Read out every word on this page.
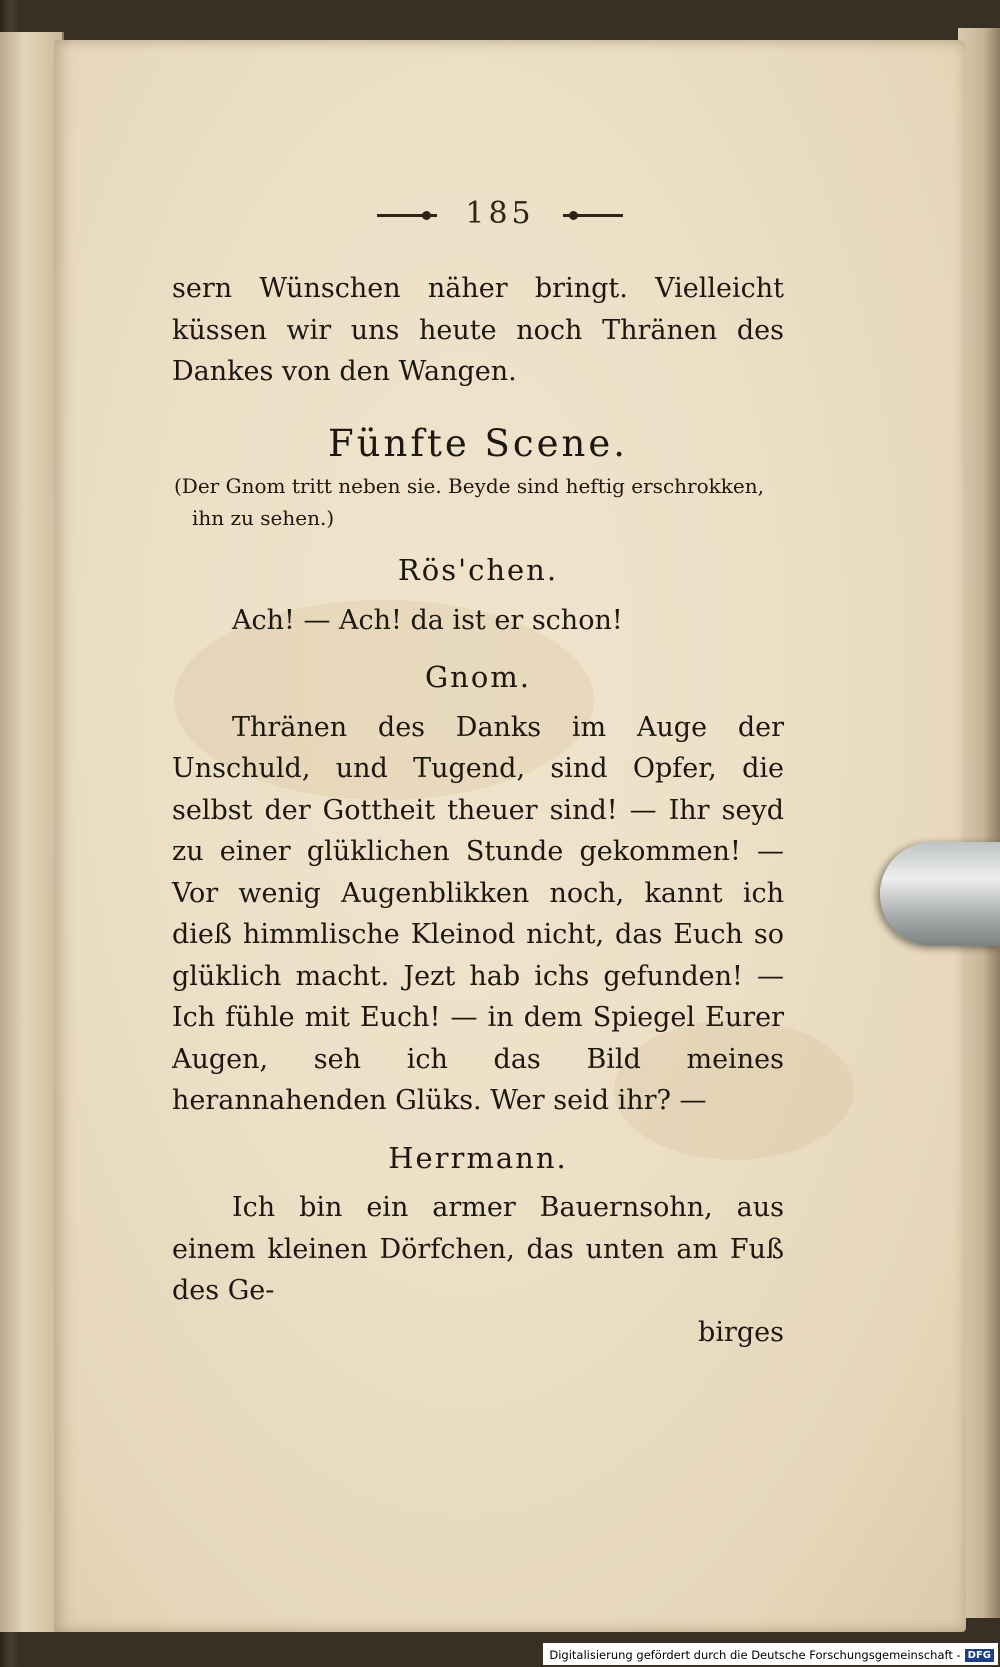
185

sern Wünschen näher bringt. Vielleicht küssen wir uns heute noch Thränen des Dankes von den Wangen.

Fünfte Scene.

(Der Gnom tritt neben sie. Beyde sind heftig erschrokken, ihn zu sehen.)

Rös'chen.

Ach! — Ach! da ist er schon!

Gnom.

Thränen des Danks im Auge der Unschuld, und Tugend, sind Opfer, die selbst der Gottheit theuer sind! — Ihr seyd zu einer glüklichen Stunde gekommen! — Vor wenig Augenblikken noch, kannt ich dieß himmlische Kleinod nicht, das Euch so glüklich macht. Jezt hab ichs gefunden! — Ich fühle mit Euch! — in dem Spiegel Eurer Augen, seh ich das Bild meines herannahenden Glüks. Wer seid ihr? —

Herrmann.

Ich bin ein armer Bauernsohn, aus einem kleinen Dörfchen, das unten am Fuß des Ge-

birges

Digitalisierung gefördert durch die Deutsche Forschungsgemeinschaft - DFG
